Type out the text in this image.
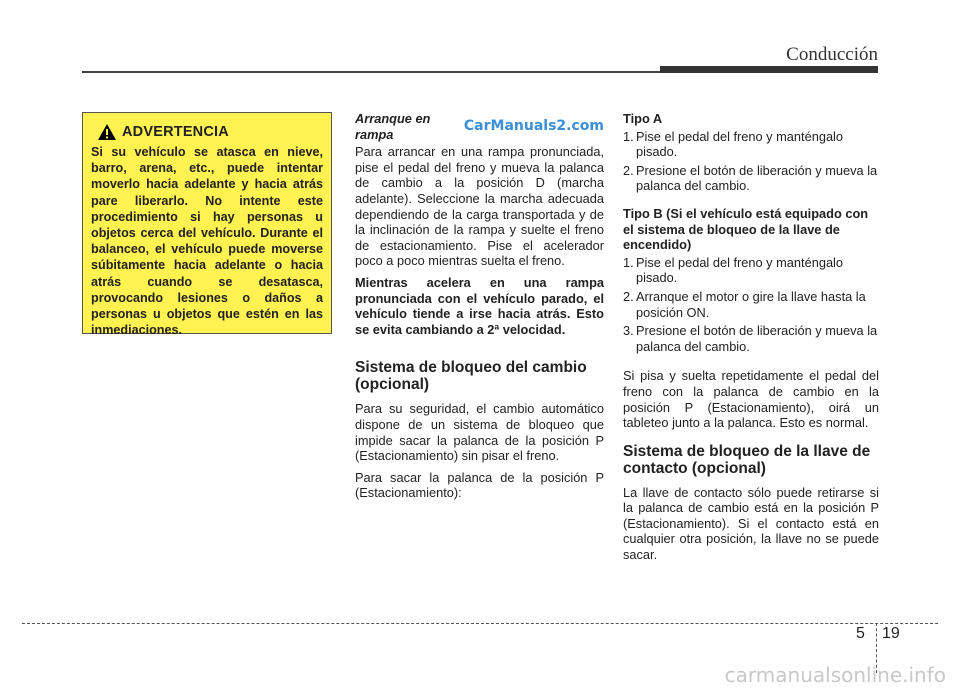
Conducción
ADVERTENCIA
Si su vehículo se atasca en nieve, barro, arena, etc., puede intentar moverlo hacia adelante y hacia atrás pare liberarlo. No intente este procedimiento si hay personas u objetos cerca del vehículo. Durante el balanceo, el vehículo puede moverse súbitamente hacia adelante o hacia atrás cuando se desatasca, provocando lesiones o daños a personas u objetos que estén en las inmediaciones.
Arranque en rampa
CarManuals2.com

Para arrancar en una rampa pronunciada, pise el pedal del freno y mueva la palanca de cambio a la posición D (marcha adelante). Seleccione la marcha adecuada dependiendo de la carga transportada y de la inclinación de la rampa y suelte el freno de estacionamiento. Pise el acelerador poco a poco mientras suelta el freno.

Mientras acelera en una rampa pronunciada con el vehículo parado, el vehículo tiende a irse hacia atrás. Esto se evita cambiando a 2ª velocidad.

Sistema de bloqueo del cambio (opcional)

Para su seguridad, el cambio automático dispone de un sistema de bloqueo que impide sacar la palanca de la posición P (Estacionamiento) sin pisar el freno.

Para sacar la palanca de la posición P (Estacionamiento):

Tipo A
1. Pise el pedal del freno y manténgalo pisado.
2. Presione el botón de liberación y mueva la palanca del cambio.
Tipo B (Si el vehículo está equipado con el sistema de bloqueo de la llave de encendido)
1. Pise el pedal del freno y manténgalo pisado.
2. Arranque el motor o gire la llave hasta la posición ON.
3. Presione el botón de liberación y mueva la palanca del cambio.

Si pisa y suelta repetidamente el pedal del freno con la palanca de cambio en la posición P (Estacionamiento), oirá un tableteo junto a la palanca. Esto es normal.

Sistema de bloqueo de la llave de contacto (opcional)

La llave de contacto sólo puede retirarse si la palanca de cambio está en la posición P (Estacionamiento). Si el contacto está en cualquier otra posición, la llave no se puede sacar.

5 19
carmanualsonline.info
